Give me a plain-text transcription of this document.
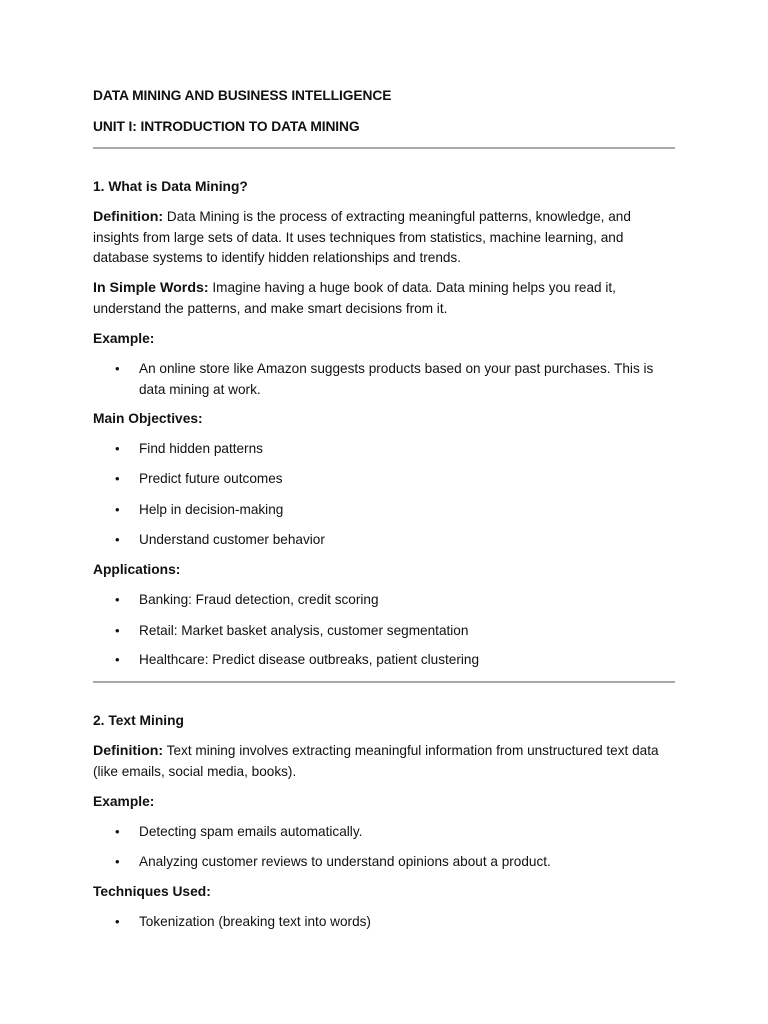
DATA MINING AND BUSINESS INTELLIGENCE
UNIT I: INTRODUCTION TO DATA MINING
1. What is Data Mining?
Definition: Data Mining is the process of extracting meaningful patterns, knowledge, and insights from large sets of data. It uses techniques from statistics, machine learning, and database systems to identify hidden relationships and trends.
In Simple Words: Imagine having a huge book of data. Data mining helps you read it, understand the patterns, and make smart decisions from it.
Example:
• An online store like Amazon suggests products based on your past purchases. This is data mining at work.
Main Objectives:
• Find hidden patterns
• Predict future outcomes
• Help in decision-making
• Understand customer behavior
Applications:
• Banking: Fraud detection, credit scoring
• Retail: Market basket analysis, customer segmentation
• Healthcare: Predict disease outbreaks, patient clustering
2. Text Mining
Definition: Text mining involves extracting meaningful information from unstructured text data (like emails, social media, books).
Example:
• Detecting spam emails automatically.
• Analyzing customer reviews to understand opinions about a product.
Techniques Used:
• Tokenization (breaking text into words)
